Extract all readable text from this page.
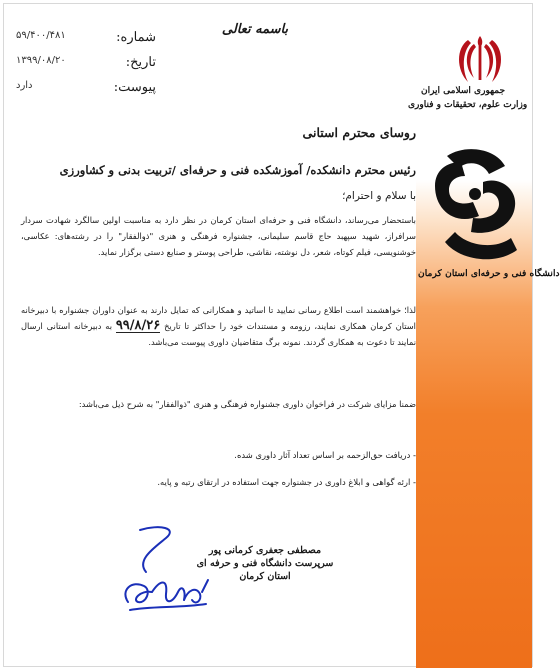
جمهوری اسلامی ایران
وزارت علوم، تحقیقات و فناوری
دانشگاه فنی و حرفه‌ای استان کرمان
باسمه تعالی
شماره:
۵۹/۴۰۰/۴۸۱
تاریخ:
۱۳۹۹/۰۸/۲۰
پیوست:
دارد
روسای محترم استانی
رئیس محترم دانشکده/ آموزشکده فنی و حرفه‌ای /تربیت بدنی و کشاورزی
با سلام و احترام؛
باستحضار می‌رساند، دانشگاه فنی و حرفه‌ای استان کرمان در نظر دارد به مناسبت اولین سالگرد شهادت سردار سرافراز، شهید سپهبد حاج قاسم سلیمانی، جشنواره فرهنگی و هنری "ذوالفقار" را در رشته‌های: عکاسی، خوشنویسی، فیلم کوتاه، شعر، دل نوشته، نقاشی، طراحی پوستر و صنایع دستی برگزار نماید.
لذا؛ خواهشمند است اطلاع رسانی نمایید تا اساتید و همکارانی که تمایل دارند به عنوان داوران جشنواره با دبیرخانه استان کرمان همکاری نمایند، رزومه و مستندات خود را حداکثر تا تاریخ ۹۹/۸/۲۶ به دبیرخانه استانی ارسال نمایند تا دعوت به همکاری گردند. نمونه برگ متقاضیان داوری پیوست می‌باشد.
ضمنا مزایای شرکت در فراخوان داوری جشنواره فرهنگی و هنری "ذوالفقار" به شرح ذیل می‌باشد:
- دریافت حق‌الزحمه بر اساس تعداد آثار داوری شده.
- ارئه گواهی و ابلاغ داوری در جشنواره جهت استفاده در ارتقای رتبه و پایه.
مصطفی جعفری کرمانی پور
سرپرست دانشگاه فنی و حرفه ای
استان کرمان
